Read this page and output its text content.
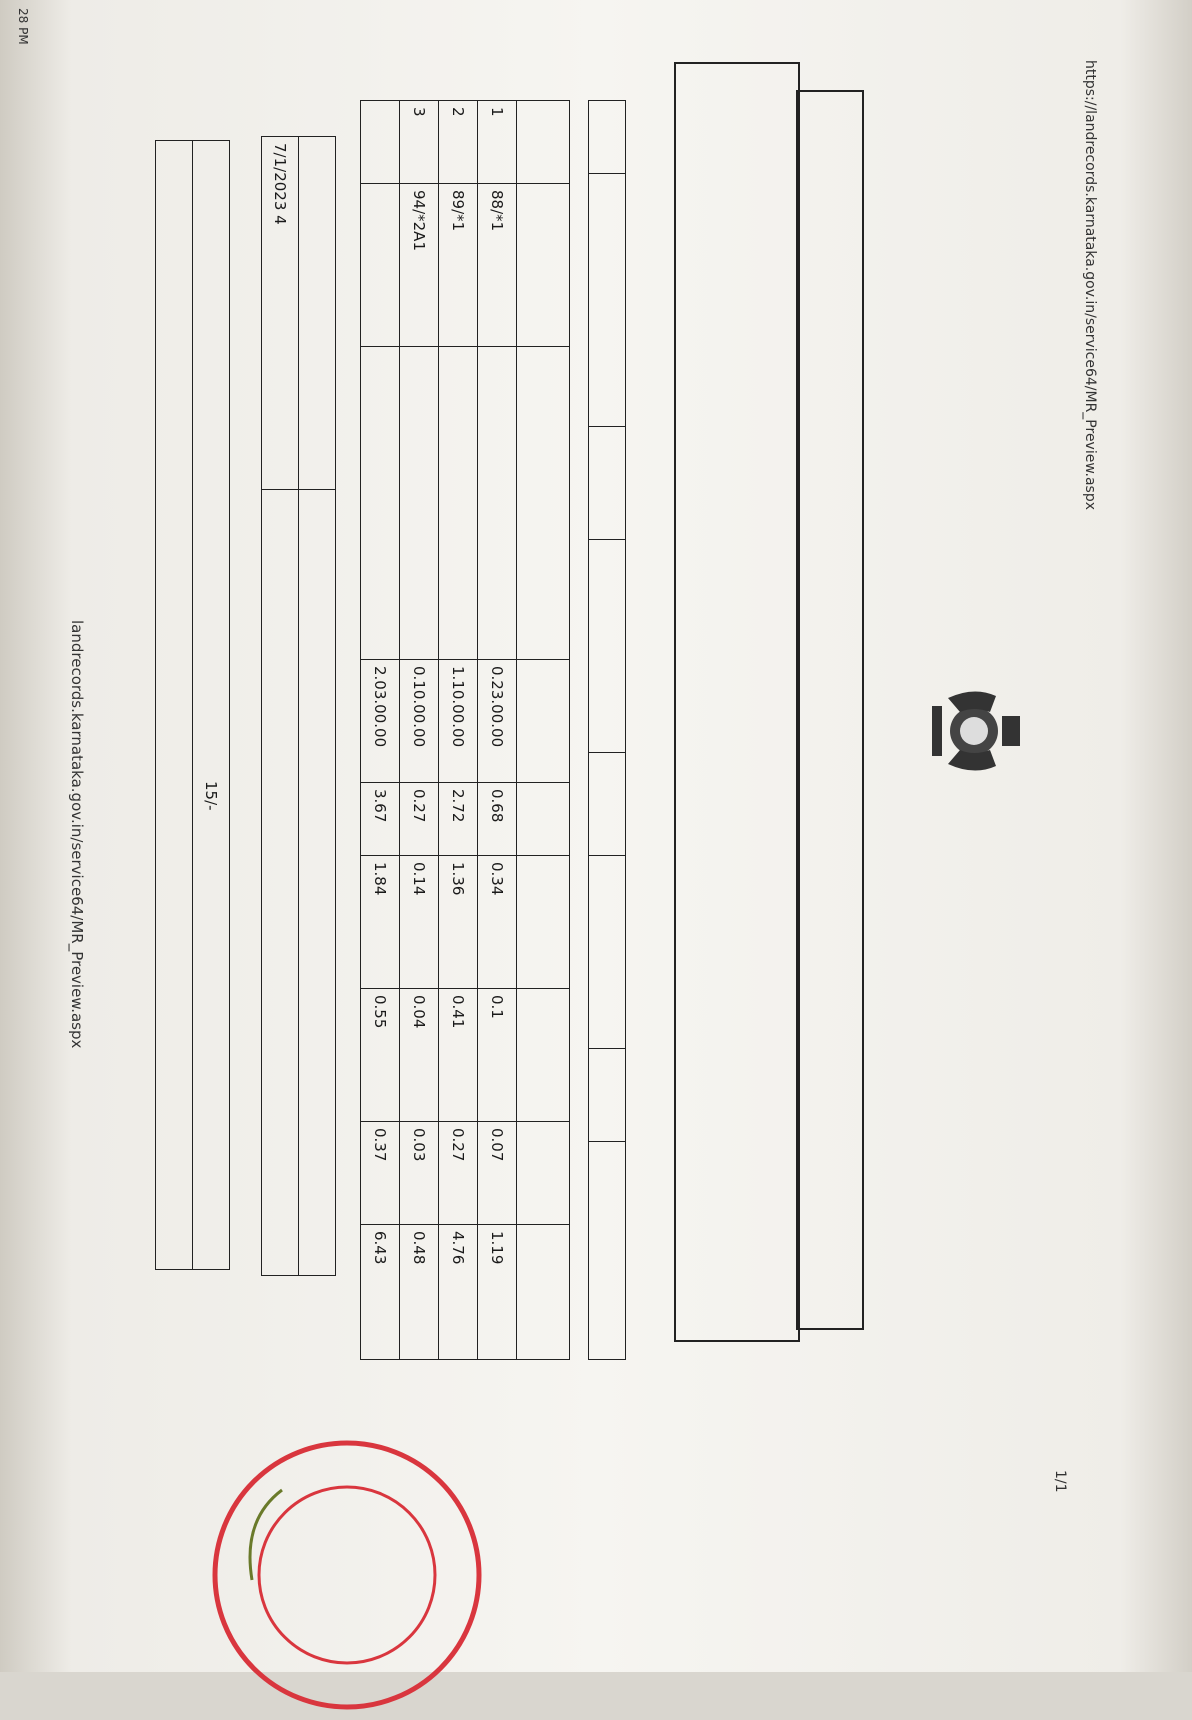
landrecords.karnataka.gov.in/service64/MR_Preview.aspx
https://landrecords.karnataka.gov.in/service64/MR_Preview.aspx
1/1
28 PM

1	88/*1		0.23.00.00	0.68	0.34	0.1	0.07	1.19
2	89/*1		1.10.00.00	2.72	1.36	0.41	0.27	4.76
3	94/*2A1		0.10.00.00	0.27	0.14	0.04	0.03	0.48
			2.03.00.00	3.67	1.84	0.55	0.37	6.43

7/1/2023 4	
15/-
